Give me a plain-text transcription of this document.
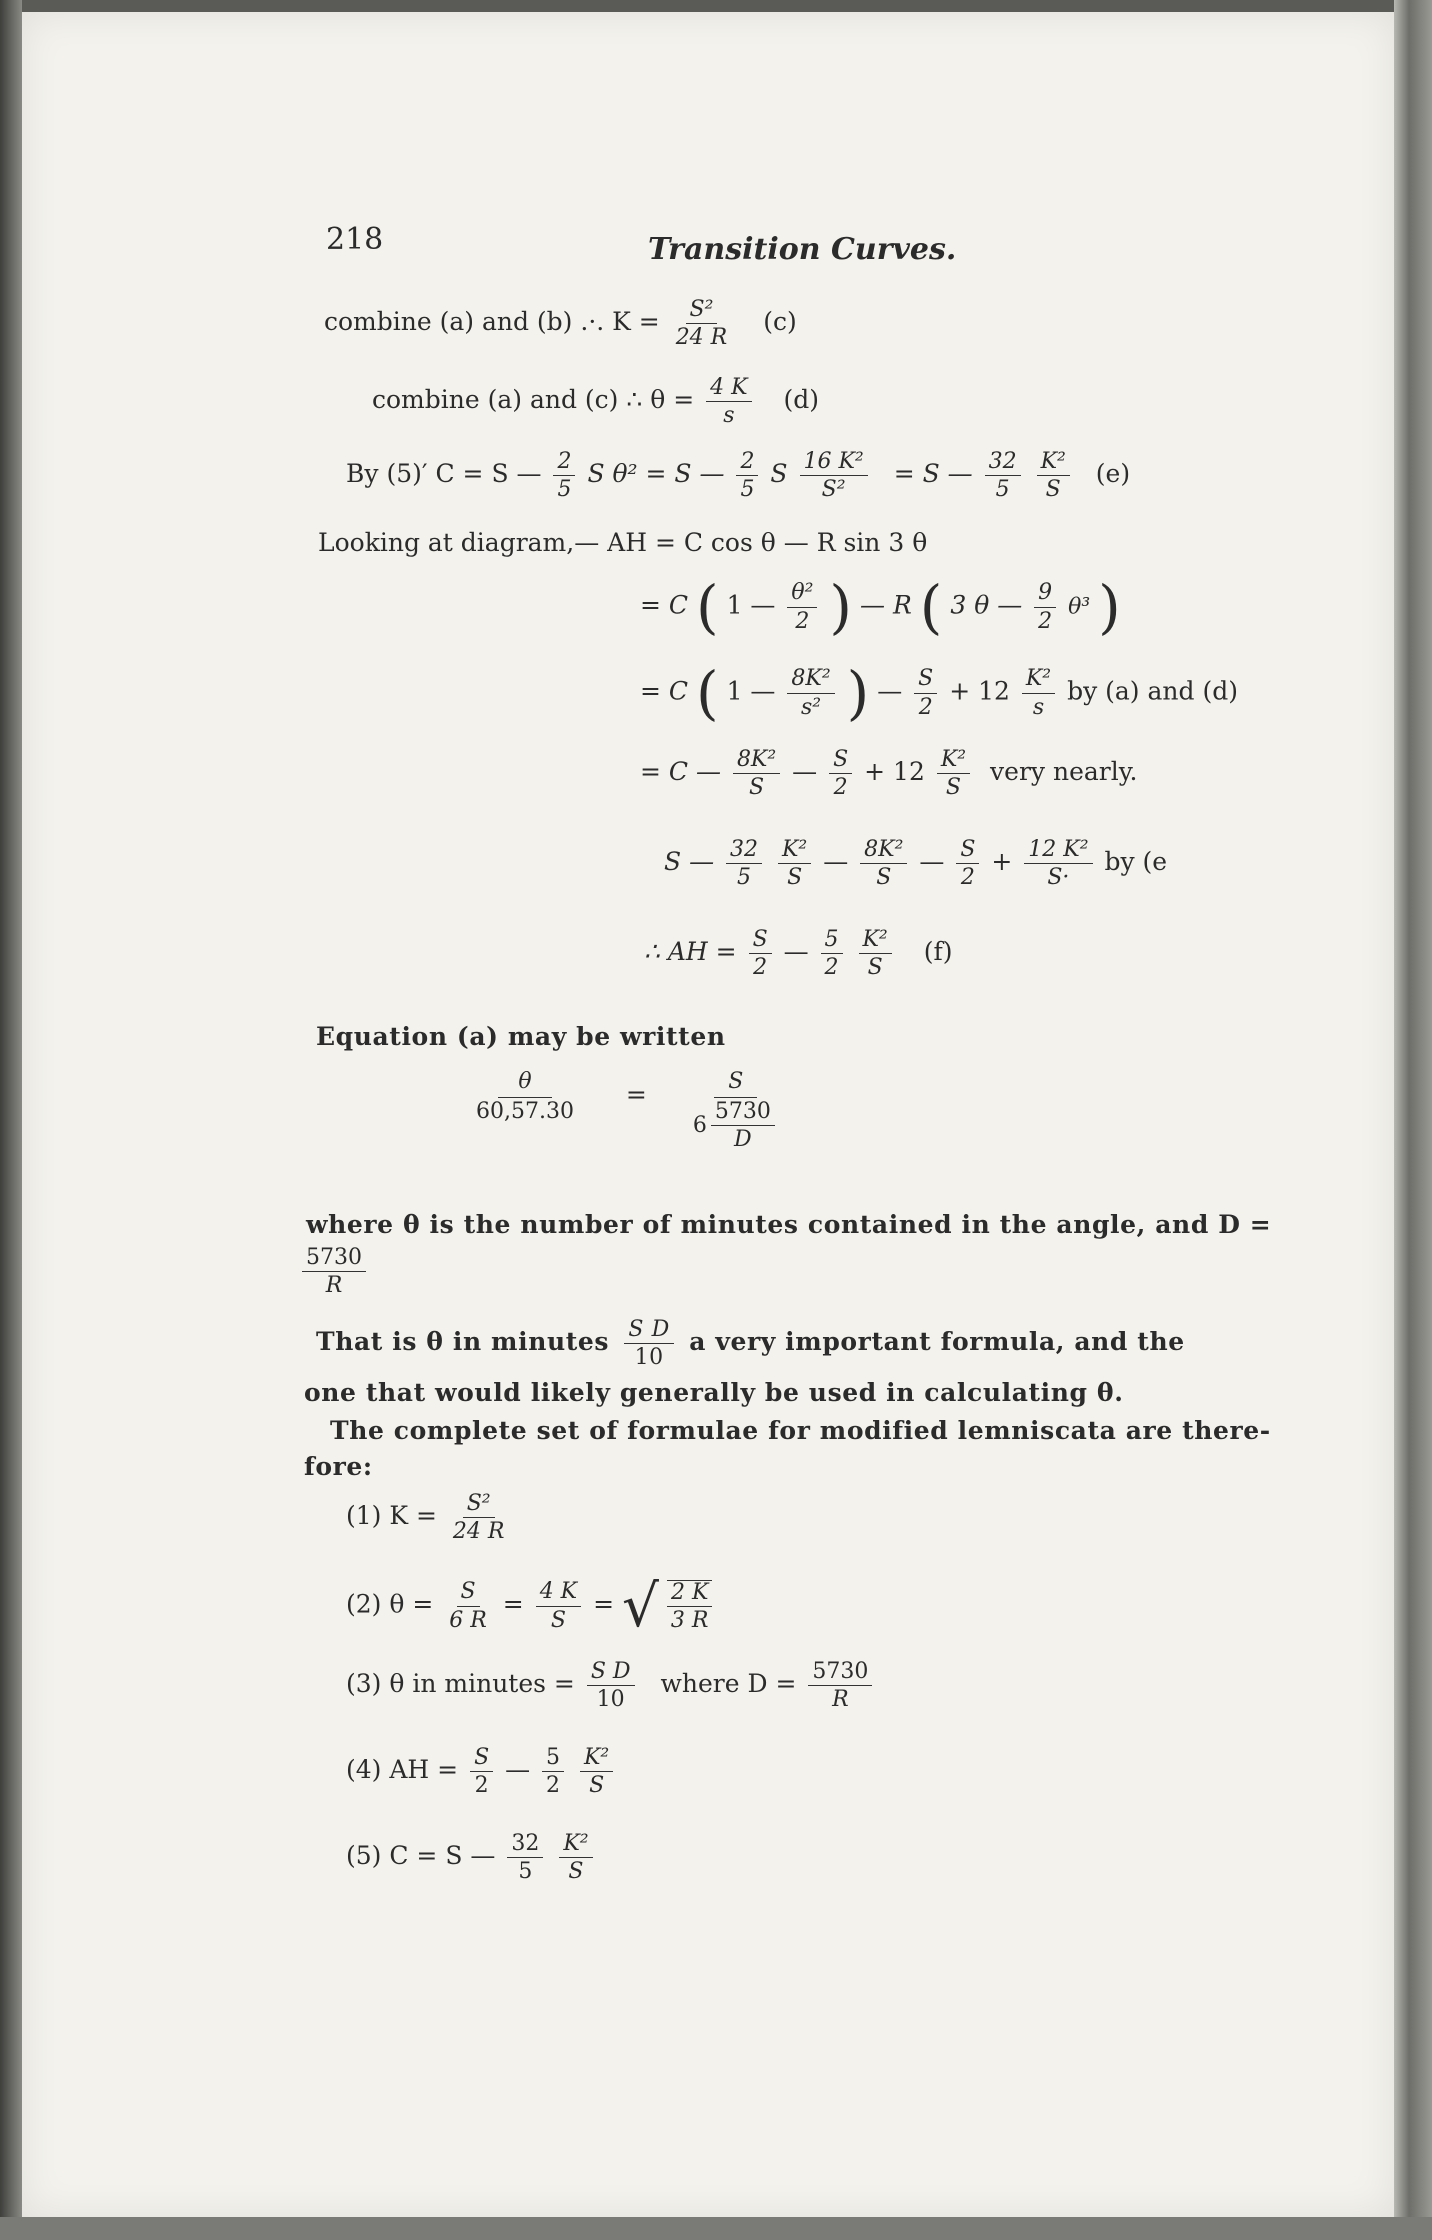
218	Transition Curves.
combine (a) and (b) .·. $K = \frac{\text{S²}}{24 R} (c)$
combine (a) and (c) ∴ $\theta = \frac{4 K}{s} (d)$
By (5)′ C = S — $\frac{2}{5}$ S θ² = S — $\frac{2}{5}$ S $\frac{\text{16 K²}}{\text{S²}} = S$ — $\frac{32}{5}$
$\frac{\text{K²}}{S} (e)$
Looking at diagram,— AH = C cos θ — R sin 3 θ
= C ( 1 — $\frac{\text{θ²}}{2}$ ) — R ( 3 θ — $\frac{9}{2} \theta^3$ )
= C ( 1 — $\frac{\text{8K²}}{\text{s²}}$ ) — $\frac{S}{2} + 12 \frac{\text{K²}}{s}$ by (a) and (d)
= C — $\frac{\text{8K²}}{S}$ — $\frac{S}{2} + 12 \frac{\text{K²}}{S}$ very nearly.
S — $\frac{32}{5}$
$\frac{\text{K²}}{S}$ — $\frac{\text{8K²}}{S}$ — $\frac{S}{2} + \frac{\text{12 K²}}{S\cdot}$ by (e
∴ AH = $\frac{S}{2}$ — $\frac{5}{2}$
$\frac{\text{K²}}{S} (f)$
Equation (a) may be written
$\frac{\theta}{60,57.30} = \frac{S}{6 \frac{5730}{D}}$
where θ is the number of minutes contained in the angle, and D =
$\frac{5730}{R}$
That is θ in minutes $\frac{\text{S D}}{10}$ a very important formula, and the
one that would likely generally be used in calculating θ.
The complete set of formulae for modified lemniscata are there-
fore:
(1) $K = \frac{\text{S²}}{24 R}$
(2) $\theta = \frac{S}{6 R} = \frac{4 K}{S}$ = √ $\frac{2 K}{3 R}$
(3) θ in minutes = $\frac{\text{S D}}{10}$ where $D = \frac{5730}{R}$
(4) AH = $\frac{S}{2}$ — $\frac{5}{2}$
$\frac{\text{K²}}{S}$
(5) C = S — $\frac{32}{5}$
$\frac{\text{K²}}{S}$
